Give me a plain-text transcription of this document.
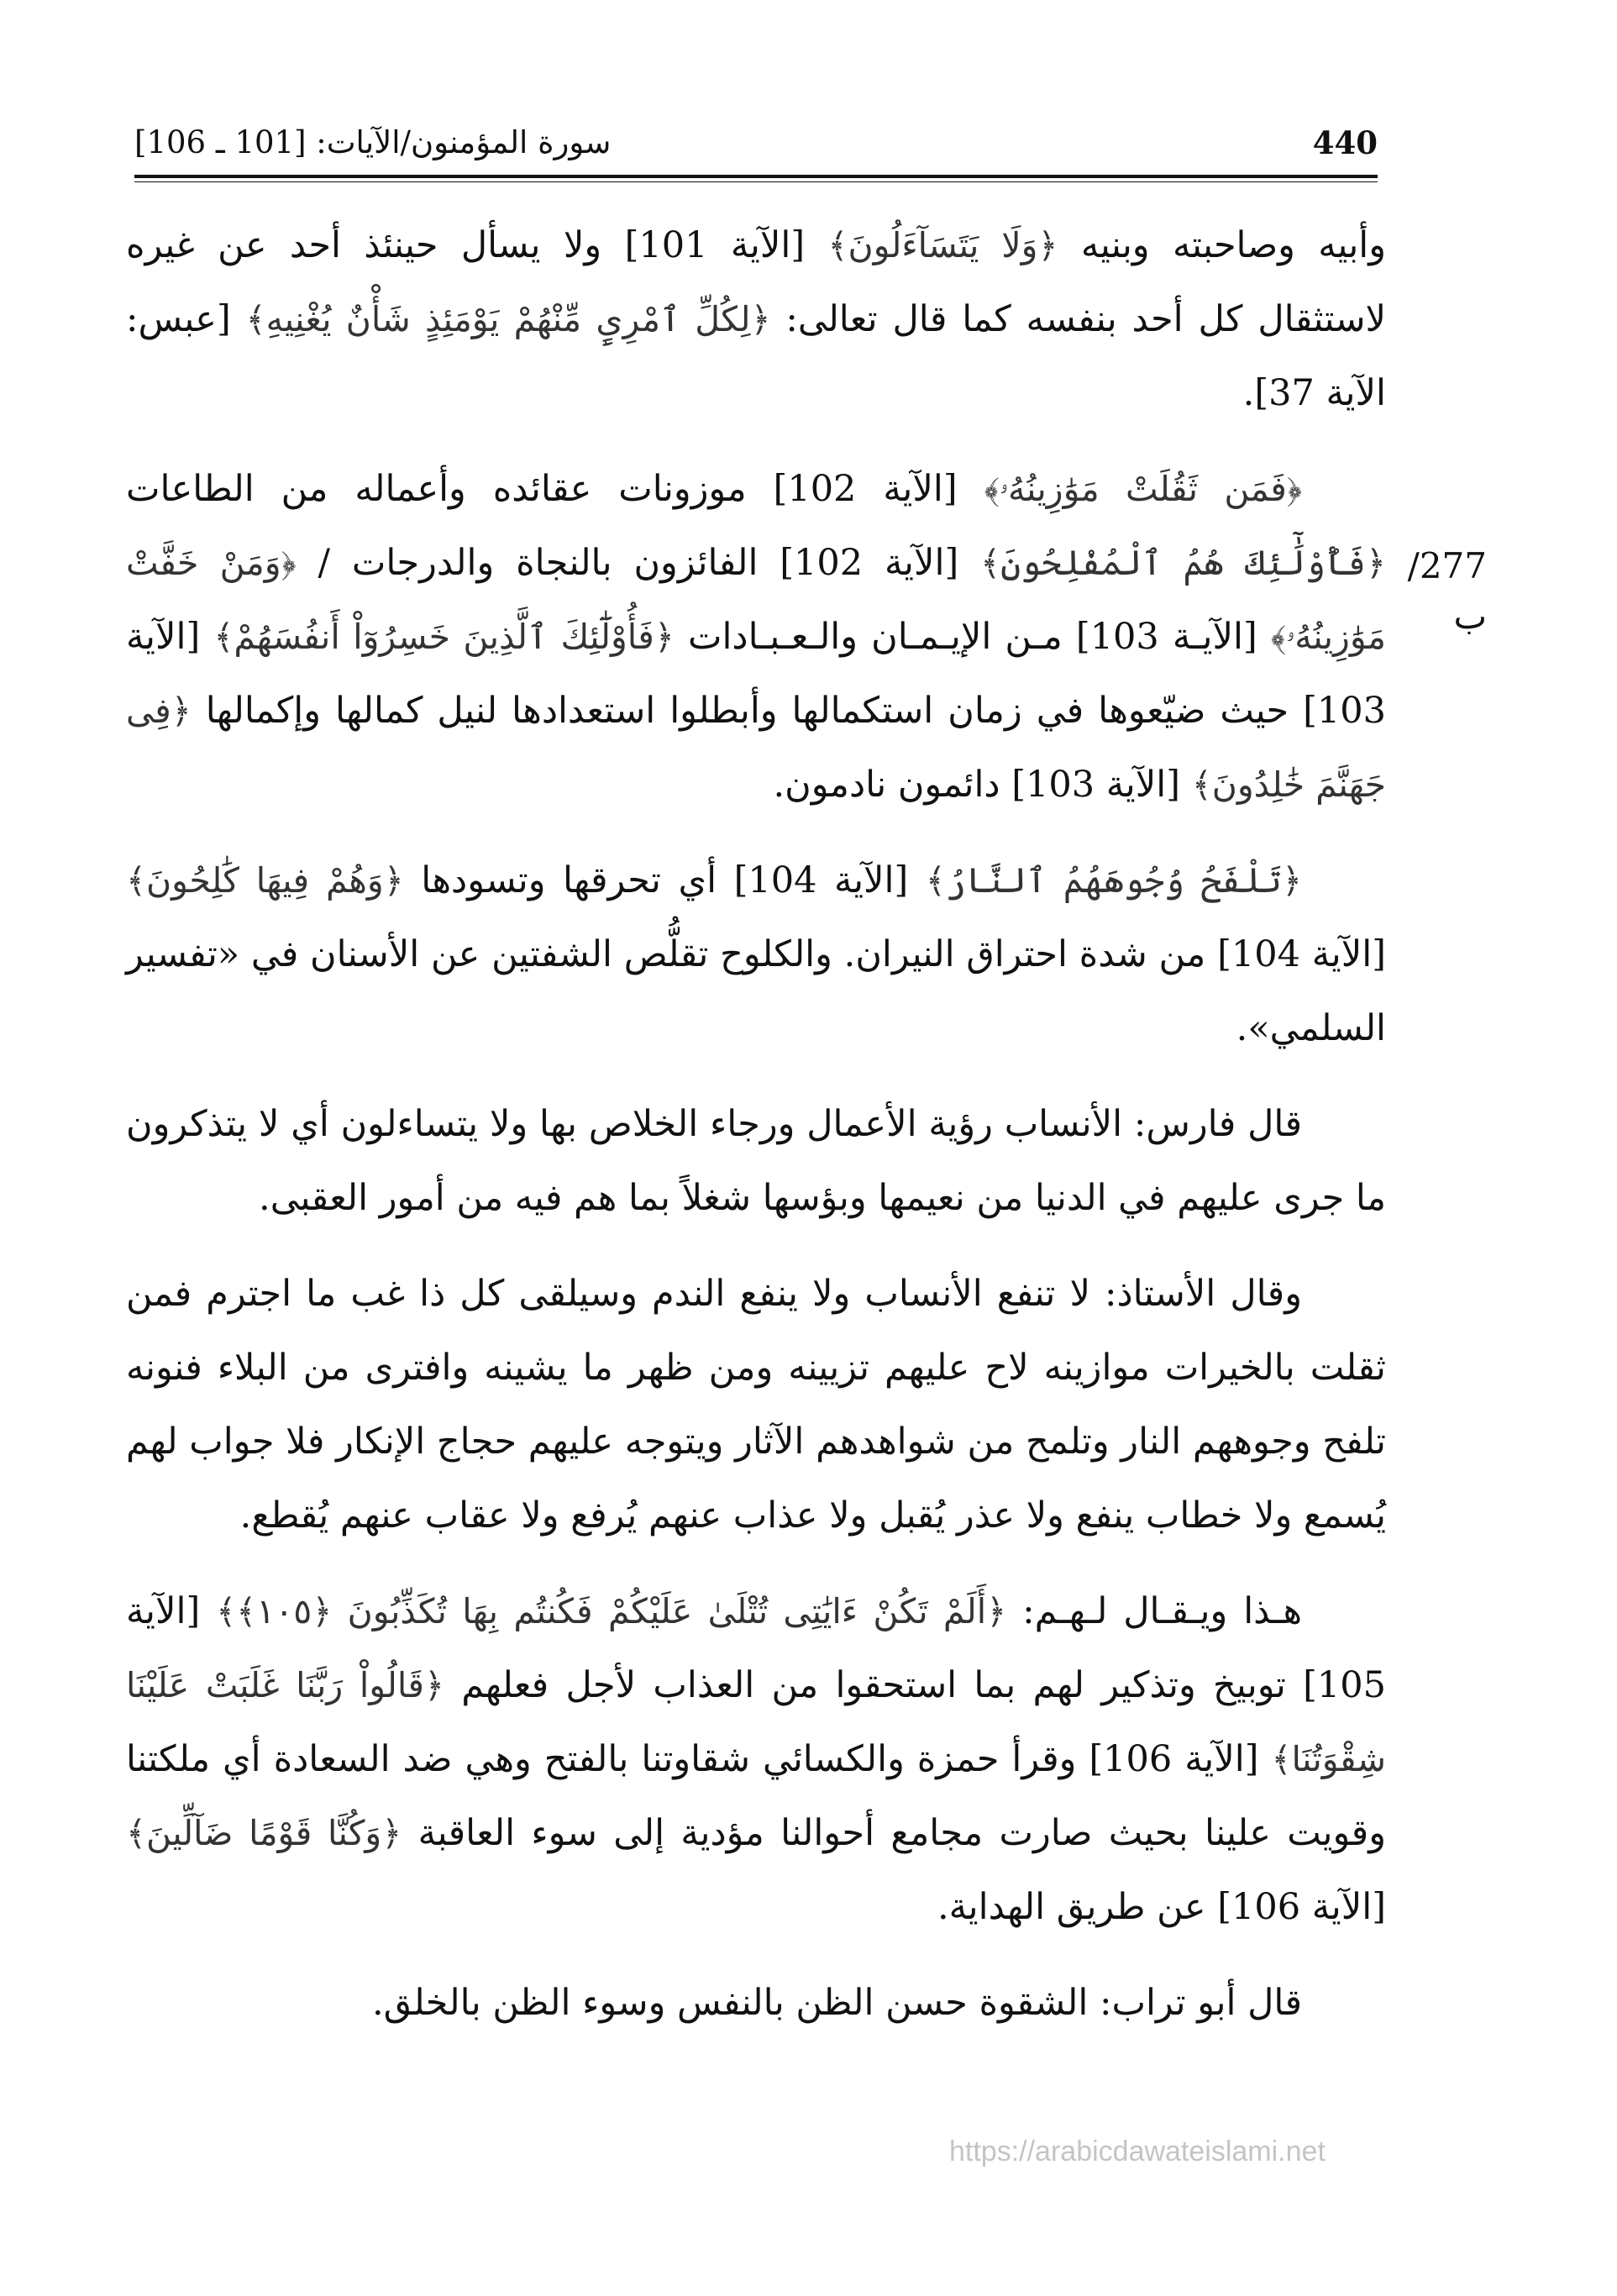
440
سورة المؤمنون/الآيات: [101 ـ 106]
277/ب

وأبيه وصاحبته وبنيه ﴿وَلَا يَتَسَآءَلُونَ﴾ [الآية 101] ولا يسأل حينئذ أحد عن غيره لاستثقال كل أحد بنفسه كما قال تعالى: ﴿لِكُلِّ ٱمْرِىٍٕ مِّنْهُمْ يَوْمَئِذٍ شَأْنٌ يُغْنِيهِ﴾ [عبس: الآية 37].

﴿فَمَن ثَقُلَتْ مَوَٰزِينُهُۥ﴾ [الآية 102] موزونات عقائده وأعماله من الطاعات ﴿فَأُوْلَٰٓئِكَ هُمُ ٱلْمُفْلِحُونَ﴾ [الآية 102] الفائزون بالنجاة والدرجات / ﴿وَمَنْ خَفَّتْ مَوَٰزِينُهُۥ﴾ [الآيـة 103] مـن الإيـمـان والـعـبـادات ﴿فَأُوْلَٰٓئِكَ ٱلَّذِينَ خَسِرُوٓاْ أَنفُسَهُمْ﴾ [الآية 103] حيث ضيّعوها في زمان استكمالها وأبطلوا استعدادها لنيل كمالها وإكمالها ﴿فِى جَهَنَّمَ خَٰلِدُونَ﴾ [الآية 103] دائمون نادمون.

﴿تَلْفَحُ وُجُوهَهُمُ ٱلنَّارُ﴾ [الآية 104] أي تحرقها وتسودها ﴿وَهُمْ فِيهَا كَٰلِحُونَ﴾ [الآية 104] من شدة احتراق النيران. والكلوح تقلُّص الشفتين عن الأسنان في «تفسير السلمي».

قال فارس: الأنساب رؤية الأعمال ورجاء الخلاص بها ولا يتساءلون أي لا يتذكرون ما جرى عليهم في الدنيا من نعيمها وبؤسها شغلاً بما هم فيه من أمور العقبى.

وقال الأستاذ: لا تنفع الأنساب ولا ينفع الندم وسيلقى كل ذا غب ما اجترم فمن ثقلت بالخيرات موازينه لاح عليهم تزيينه ومن ظهر ما يشينه وافترى من البلاء فنونه تلفح وجوههم النار وتلمح من شواهدهم الآثار ويتوجه عليهم حجاج الإنكار فلا جواب لهم يُسمع ولا خطاب ينفع ولا عذر يُقبل ولا عذاب عنهم يُرفع ولا عقاب عنهم يُقطع.

هـذا ويـقـال لـهـم: ﴿أَلَمْ تَكُنْ ءَايَٰتِى تُتْلَىٰ عَلَيْكُمْ فَكُنتُم بِهَا تُكَذِّبُونَ ﴿١٠٥﴾﴾ [الآية 105] توبيخ وتذكير لهم بما استحقوا من العذاب لأجل فعلهم ﴿قَالُواْ رَبَّنَا غَلَبَتْ عَلَيْنَا شِقْوَتُنَا﴾ [الآية 106] وقرأ حمزة والكسائي شقاوتنا بالفتح وهي ضد السعادة أي ملكتنا وقويت علينا بحيث صارت مجامع أحوالنا مؤدية إلى سوء العاقبة ﴿وَكُنَّا قَوْمًا ضَآلِّينَ﴾ [الآية 106] عن طريق الهداية.

قال أبو تراب: الشقوة حسن الظن بالنفس وسوء الظن بالخلق.

https://arabicdawateislami.net
